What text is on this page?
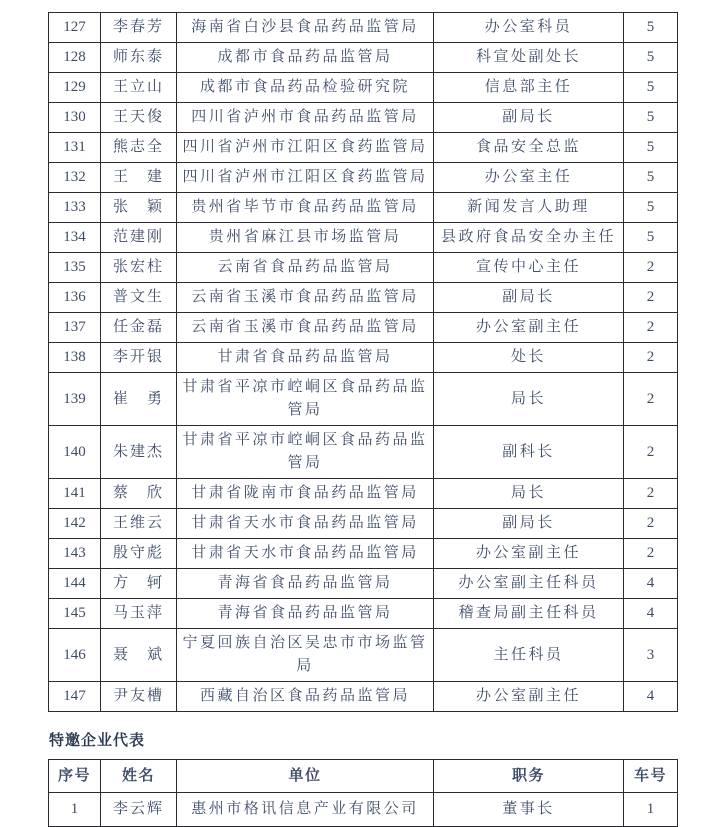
127	李春芳	海南省白沙县食品药品监管局	办公室科员	5
128	师东泰	成都市食品药品监管局	科宣处副处长	5
129	王立山	成都市食品药品检验研究院	信息部主任	5
130	王天俊	四川省泸州市食品药品监管局	副局长	5
131	熊志全	四川省泸州市江阳区食药监管局	食品安全总监	5
132	王　建	四川省泸州市江阳区食药监管局	办公室主任	5
133	张　颖	贵州省毕节市食品药品监管局	新闻发言人助理	5
134	范建刚	贵州省麻江县市场监管局	县政府食品安全办主任	5
135	张宏柱	云南省食品药品监管局	宣传中心主任	2
136	普文生	云南省玉溪市食品药品监管局	副局长	2
137	任金磊	云南省玉溪市食品药品监管局	办公室副主任	2
138	李开银	甘肃省食品药品监管局	处长	2
139	崔　勇	甘肃省平凉市崆峒区食品药品监管局	局长	2
140	朱建杰	甘肃省平凉市崆峒区食品药品监管局	副科长	2
141	蔡　欣	甘肃省陇南市食品药品监管局	局长	2
142	王维云	甘肃省天水市食品药品监管局	副局长	2
143	殷守彪	甘肃省天水市食品药品监管局	办公室副主任	2
144	方　轲	青海省食品药品监管局	办公室副主任科员	4
145	马玉萍	青海省食品药品监管局	稽查局副主任科员	4
146	聂　斌	宁夏回族自治区吴忠市市场监管局	主任科员	3
147	尹友槽	西藏自治区食品药品监管局	办公室副主任	4
特邀企业代表
序号	姓名	单位	职务	车号
1	李云辉	惠州市格讯信息产业有限公司	董事长	1
